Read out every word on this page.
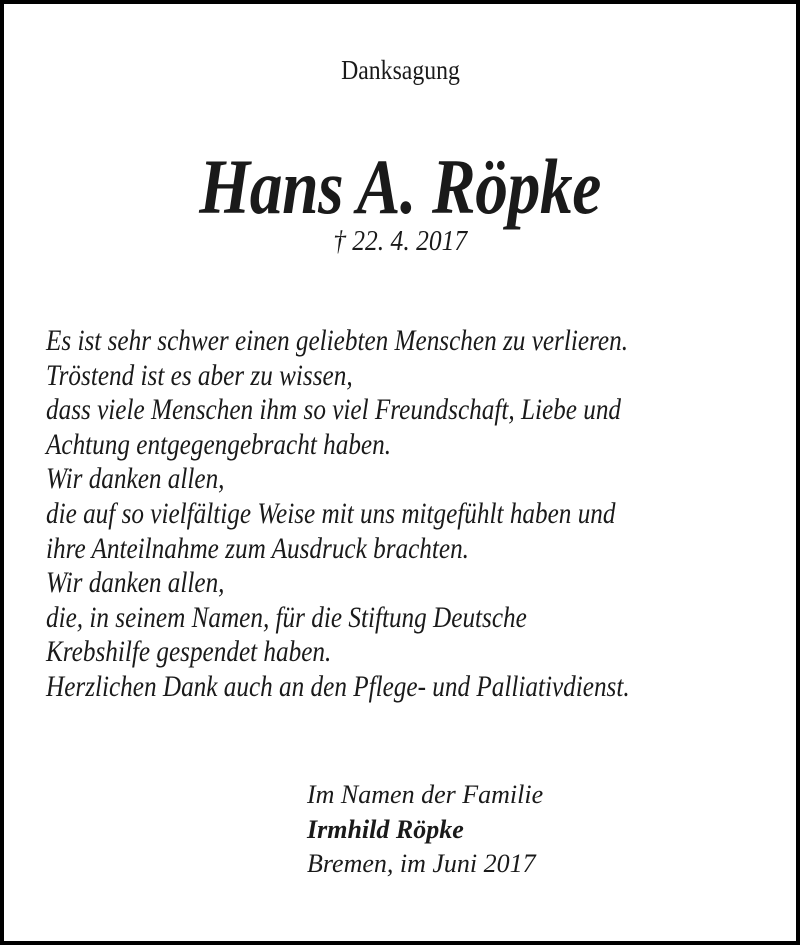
Danksagung
Hans A. Röpke
† 22. 4. 2017
Es ist sehr schwer einen geliebten Menschen zu verlieren.
Tröstend ist es aber zu wissen,
dass viele Menschen ihm so viel Freundschaft, Liebe und
Achtung entgegengebracht haben.
Wir danken allen,
die auf so vielfältige Weise mit uns mitgefühlt haben und
ihre Anteilnahme zum Ausdruck brachten.
Wir danken allen,
die, in seinem Namen, für die Stiftung Deutsche
Krebshilfe gespendet haben.
Herzlichen Dank auch an den Pflege- und Palliativdienst.
Im Namen der Familie
Irmhild Röpke
Bremen, im Juni 2017
